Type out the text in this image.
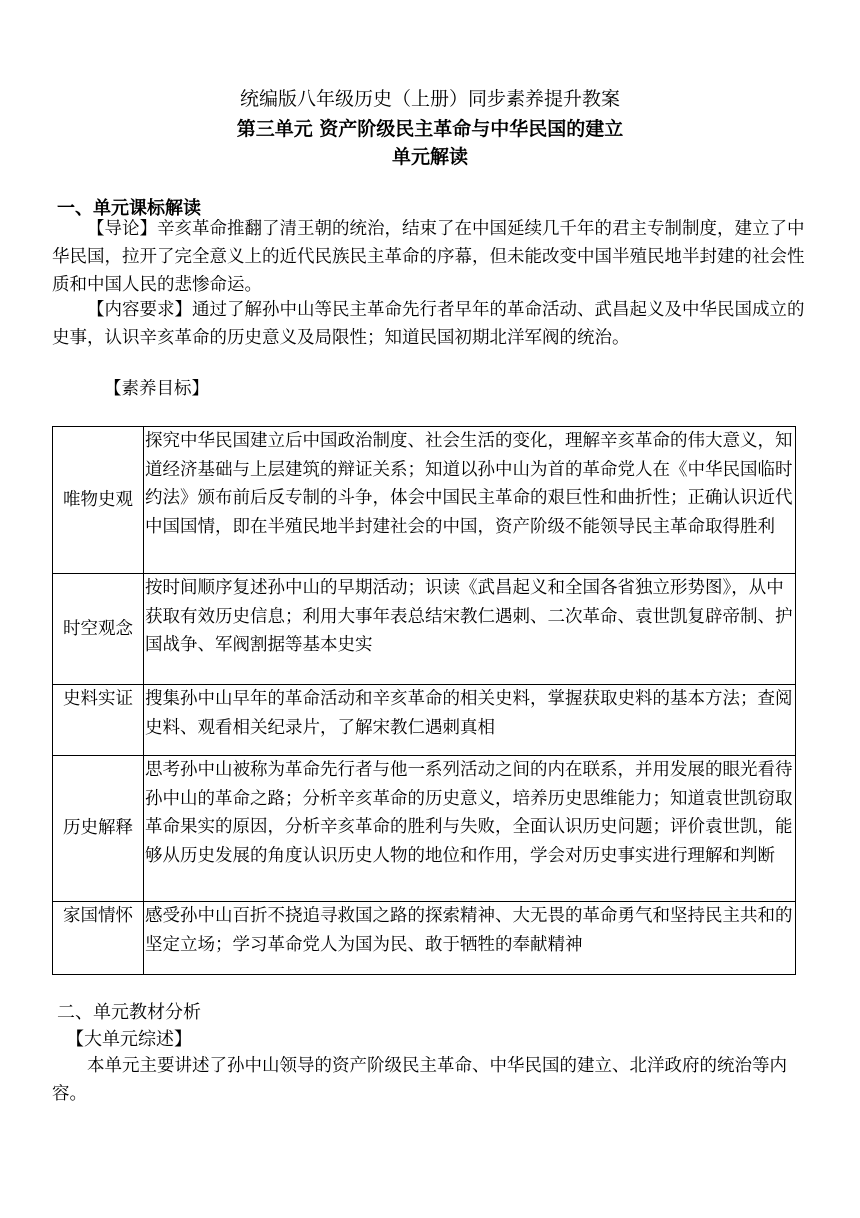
统编版八年级历史（上册）同步素养提升教案
第三单元 资产阶级民主革命与中华民国的建立
单元解读
一、单元课标解读
【导论】辛亥革命推翻了清王朝的统治，结束了在中国延续几千年的君主专制制度，建立了中华民国，拉开了完全意义上的近代民族民主革命的序幕，但未能改变中国半殖民地半封建的社会性质和中国人民的悲惨命运。
【内容要求】通过了解孙中山等民主革命先行者早年的革命活动、武昌起义及中华民国成立的史事，认识辛亥革命的历史意义及局限性；知道民国初期北洋军阀的统治。
【素养目标】
唯物史观	探究中华民国建立后中国政治制度、社会生活的变化，理解辛亥革命的伟大意义，知道经济基础与上层建筑的辩证关系；知道以孙中山为首的革命党人在《中华民国临时约法》颁布前后反专制的斗争，体会中国民主革命的艰巨性和曲折性；正确认识近代中国国情，即在半殖民地半封建社会的中国，资产阶级不能领导民主革命取得胜利
时空观念	按时间顺序复述孙中山的早期活动；识读《武昌起义和全国各省独立形势图》，从中获取有效历史信息；利用大事年表总结宋教仁遇刺、二次革命、袁世凯复辟帝制、护国战争、军阀割据等基本史实
史料实证	搜集孙中山早年的革命活动和辛亥革命的相关史料，掌握获取史料的基本方法；查阅史料、观看相关纪录片，了解宋教仁遇刺真相
历史解释	思考孙中山被称为革命先行者与他一系列活动之间的内在联系，并用发展的眼光看待孙中山的革命之路；分析辛亥革命的历史意义，培养历史思维能力；知道袁世凯窃取革命果实的原因，分析辛亥革命的胜利与失败，全面认识历史问题；评价袁世凯，能够从历史发展的角度认识历史人物的地位和作用，学会对历史事实进行理解和判断
家国情怀	感受孙中山百折不挠追寻救国之路的探索精神、大无畏的革命勇气和坚持民主共和的坚定立场；学习革命党人为国为民、敢于牺牲的奉献精神
二、单元教材分析
【大单元综述】
本单元主要讲述了孙中山领导的资产阶级民主革命、中华民国的建立、北洋政府的统治等内容。
